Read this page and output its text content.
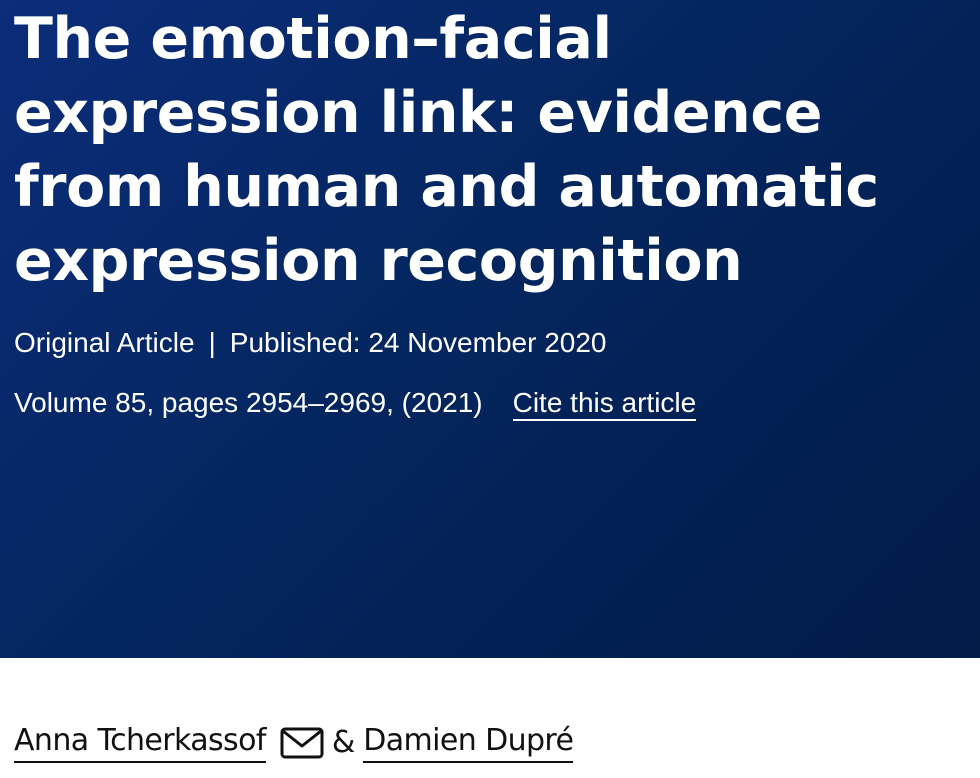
The emotion–facial expression link: evidence from human and automatic expression recognition
Original Article | Published: 24 November 2020
Volume 85, pages 2954–2969, (2021) Cite this article
Anna Tcherkassof & Damien Dupré
